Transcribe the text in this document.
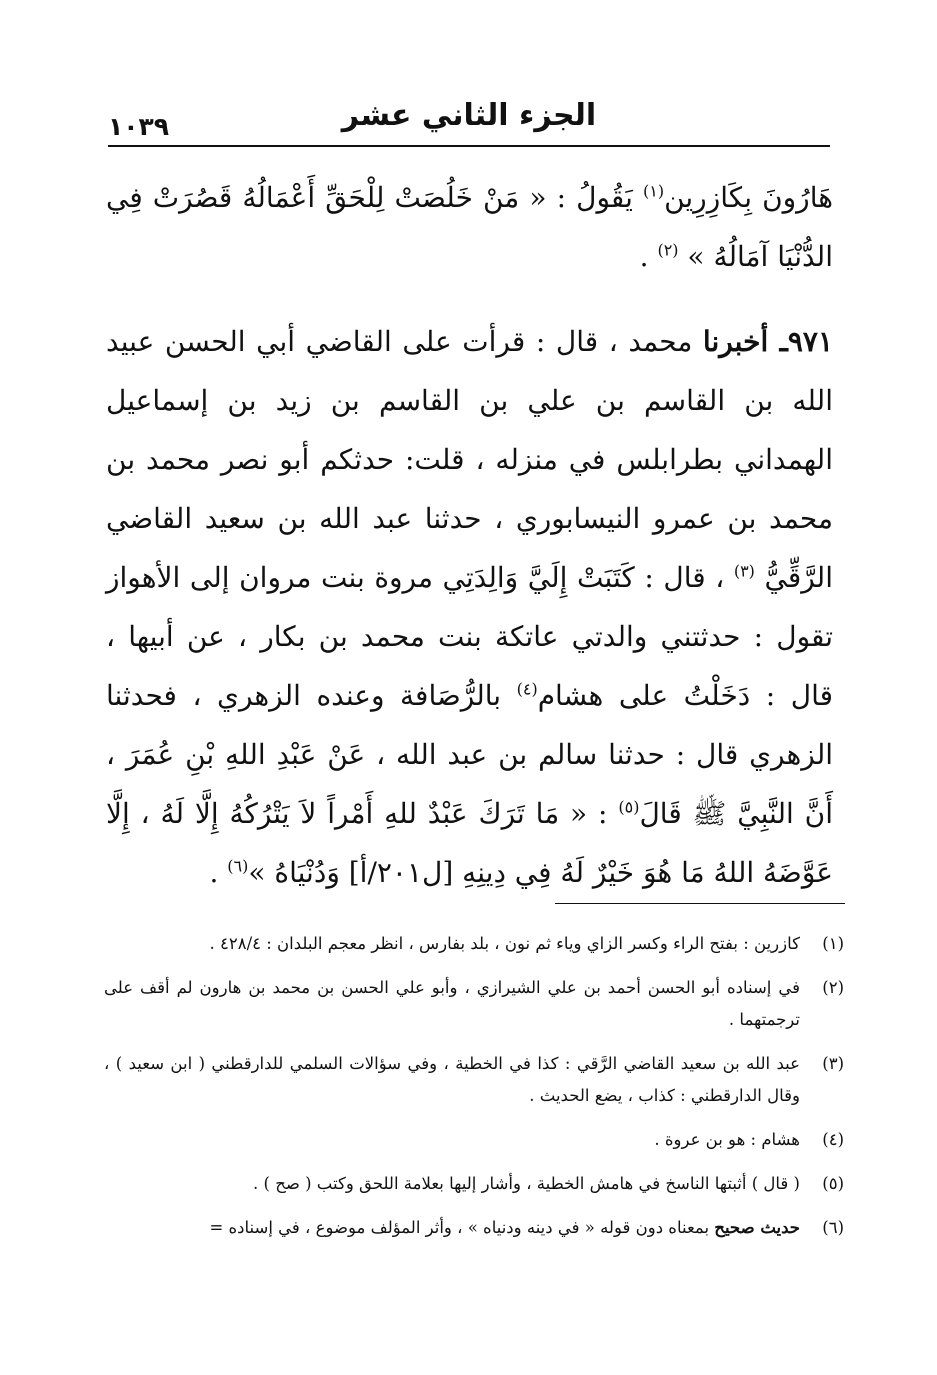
١٠٣٩	الجزء الثاني عشر

هَارُونَ بِكَازِرِين$^{(١)}$ يَقُولُ : « مَنْ خَلُصَتْ لِلْحَقِّ أَعْمَالُهُ قَصُرَتْ فِي الدُّنْيَا آمَالُهُ » $^{(٢)}$ .

٩٧١ـ أخبرنا محمد ، قال : قرأت على القاضي أبي الحسن عبيد الله بن القاسم بن علي بن القاسم بن زيد بن إسماعيل الهمداني بطرابلس في منزله ، قلت: حدثكم أبو نصر محمد بن محمد بن عمرو النيسابوري ، حدثنا عبد الله بن سعيد القاضي الرَّقِّيُّ $^{(٣)}$ ، قال : كَتَبَتْ إِلَيَّ وَالِدَتِي مروة بنت مروان إلى الأهواز تقول : حدثتني والدتي عاتكة بنت محمد بن بكار ، عن أبيها ، قال : دَخَلْتُ على هشام$^{(٤)}$ بالرُّصَافة وعنده الزهري ، فحدثنا الزهري قال : حدثنا سالم بن عبد الله ، عَنْ عَبْدِ اللهِ بْنِ عُمَرَ ، أَنَّ النَّبِيَّ ﷺ قَالَ$^{(٥)}$ : « مَا تَرَكَ عَبْدٌ للهِ أَمْراً لاَ يَتْرُكُهُ إِلَّا لَهُ ، إِلَّا عَوَّضَهُ اللهُ مَا هُوَ خَيْرٌ لَهُ فِي دِينِهِ [ل٢٠١/أ] وَدُنْيَاهُ »$^{(٦)}$ .

(١)
كازرين : بفتح الراء وكسر الزاي وياء ثم نون ، بلد بفارس ، انظر معجم البلدان : ٤٢٨/٤ .

(٢)
في إسناده أبو الحسن أحمد بن علي الشيرازي ، وأبو علي الحسن بن محمد بن هارون لم أقف على ترجمتهما .

(٣)
عبد الله بن سعيد القاضي الرَّقي : كذا في الخطية ، وفي سؤالات السلمي للدارقطني ( ابن سعيد ) ، وقال الدارقطني : كذاب ، يضع الحديث .

(٤)
هشام : هو بن عروة .

(٥)
( قال ) أثبتها الناسخ في هامش الخطية ، وأشار إليها بعلامة اللحق وكتب ( صح ) .

(٦)
حديث صحيح بمعناه دون قوله « في دينه ودنياه » ، وأثر المؤلف موضوع ، في إسناده =
